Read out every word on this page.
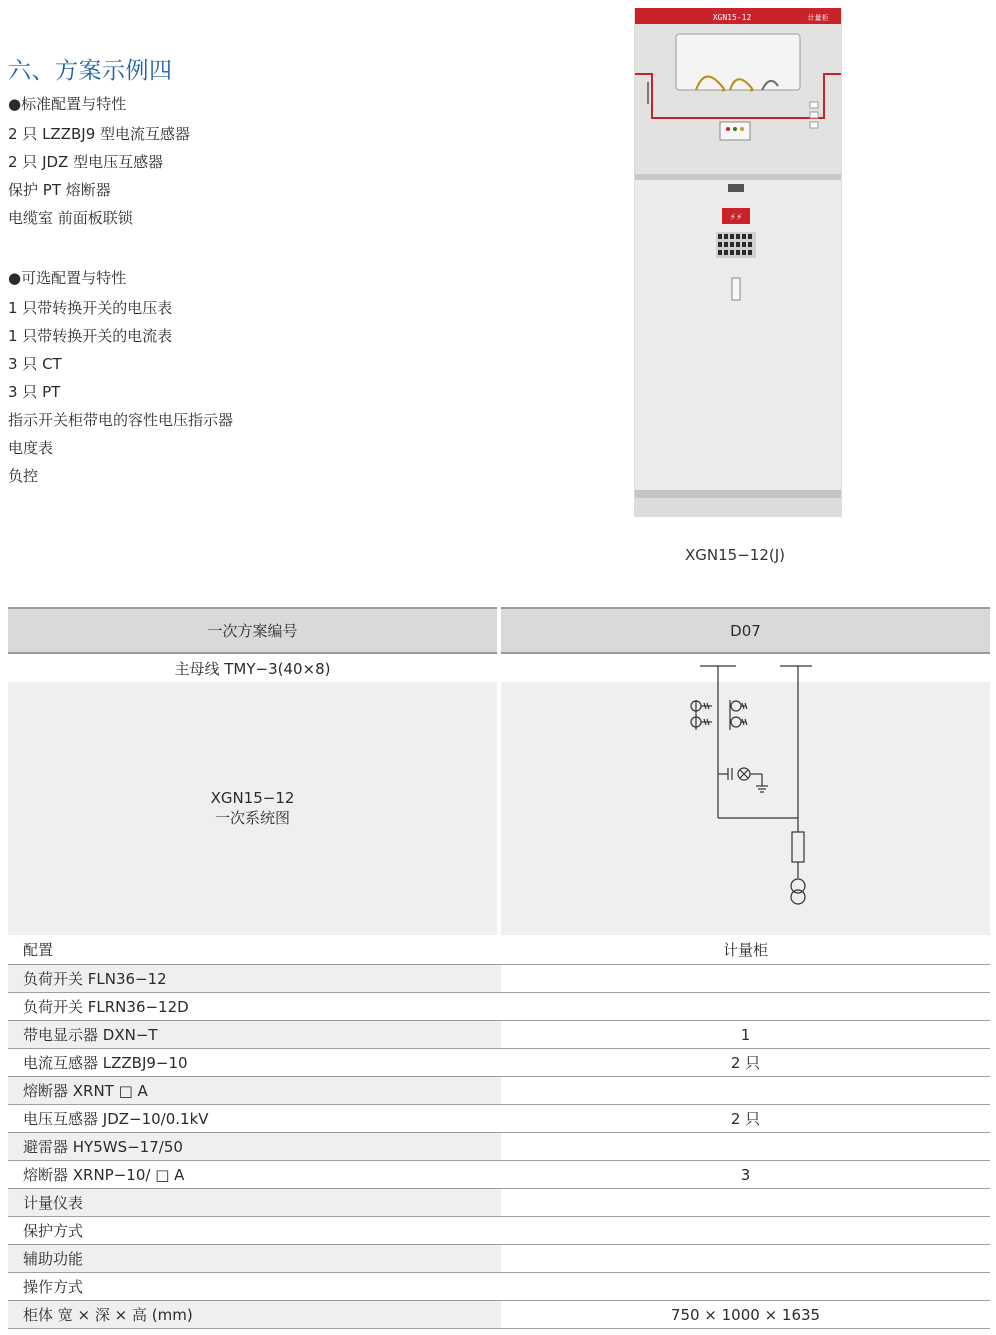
六、方案示例四
●标准配置与特性
2 只 LZZBJ9 型电流互感器
2 只 JDZ 型电压互感器
保护 PT 熔断器
电缆室 前面板联锁
●可选配置与特性
1 只带转换开关的电压表
1 只带转换开关的电流表
3 只 CT
3 只 PT
指示开关柜带电的容性电压指示器
电度表
负控
XGN15-12	计量柜
⚡⚡
XGN15−12(J)
一次方案编号	D07
主母线 TMY−3(40×8)
XGN15−12
一次系统图
配置	计量柜
负荷开关 FLN36−12
负荷开关 FLRN36−12D
带电显示器 DXN−T	1
电流互感器 LZZBJ9−10	2 只
熔断器 XRNT □ A
电压互感器 JDZ−10/0.1kV	2 只
避雷器 HY5WS−17/50
熔断器 XRNP−10/ □ A	3
计量仪表
保护方式
辅助功能
操作方式
柜体 宽 × 深 × 高 (mm)	750 × 1000 × 1635
